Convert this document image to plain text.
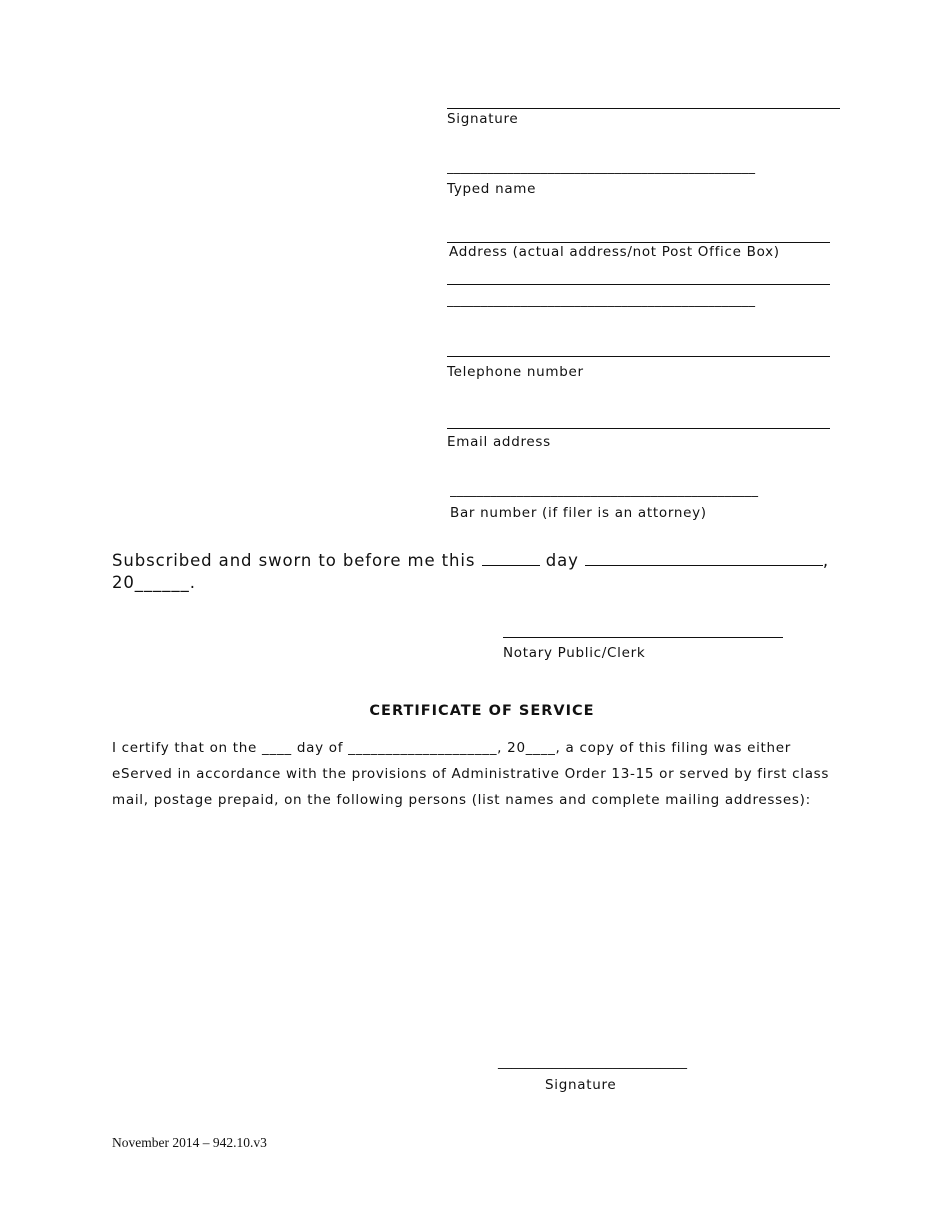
Signature
______________________________________________
Typed name
Address (actual address/not Post Office Box)
______________________________________________
Telephone number
Email address
______________________________________________
Bar number (if filer is an attorney)
Subscribed and sworn to before me this	day	,
20______.
Notary Public/Clerk
CERTIFICATE OF SERVICE
I certify that on the ____ day of ____________________, 20____, a copy of this filing was either eServed in accordance with the provisions of Administrative Order 13-15 or served by first class mail, postage prepaid, on the following persons (list names and complete mailing addresses):
____________________________
Signature
November 2014 – 942.10.v3
